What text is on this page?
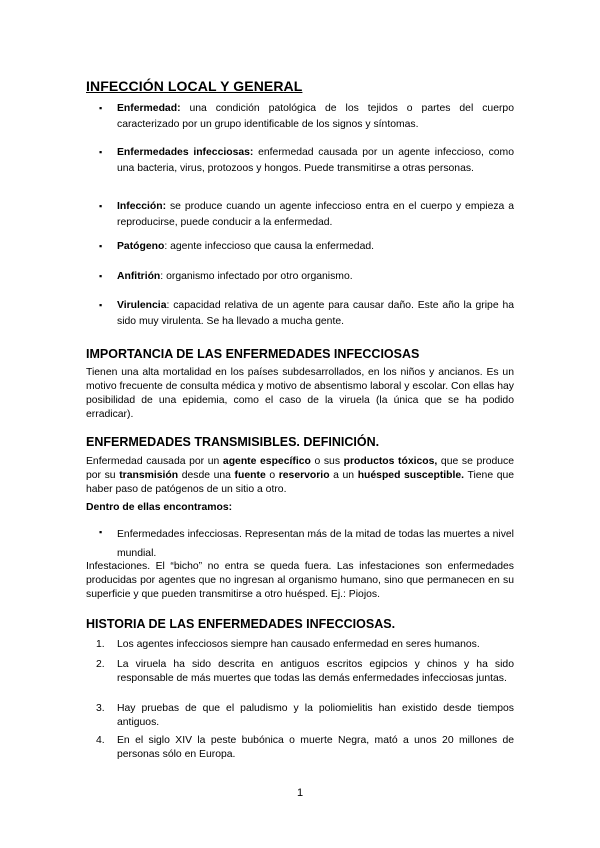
INFECCIÓN LOCAL Y GENERAL
▪ Enfermedad: una condición patológica de los tejidos o partes del cuerpo caracterizado por un grupo identificable de los signos y síntomas.

▪ Enfermedades infecciosas: enfermedad causada por un agente infeccioso, como una bacteria, virus, protozoos y hongos. Puede transmitirse a otras personas.

▪ Infección: se produce cuando un agente infeccioso entra en el cuerpo y empieza a reproducirse, puede conducir a la enfermedad.

▪ Patógeno: agente infeccioso que causa la enfermedad.

▪ Anfitrión: organismo infectado por otro organismo.

▪ Virulencia: capacidad relativa de un agente para causar daño. Este año la gripe ha sido muy virulenta. Se ha llevado a mucha gente.

IMPORTANCIA DE LAS ENFERMEDADES INFECCIOSAS

Tienen una alta mortalidad en los países subdesarrollados, en los niños y ancianos. Es un motivo frecuente de consulta médica y motivo de absentismo laboral y escolar. Con ellas hay posibilidad de una epidemia, como el caso de la viruela (la única que se ha podido erradicar).

ENFERMEDADES TRANSMISIBLES. DEFINICIÓN.

Enfermedad causada por un agente específico o sus productos tóxicos, que se produce por su transmisión desde una fuente o reservorio a un huésped susceptible. Tiene que haber paso de patógenos de un sitio a otro.

Dentro de ellas encontramos:

▪ Enfermedades infecciosas. Representan más de la mitad de todas las muertes a nivel mundial.

Infestaciones. El “bicho” no entra se queda fuera. Las infestaciones son enfermedades producidas por agentes que no ingresan al organismo humano, sino que permanecen en su superficie y que pueden transmitirse a otro huésped. Ej.: Piojos.

HISTORIA DE LAS ENFERMEDADES INFECCIOSAS.
1. Los agentes infecciosos siempre han causado enfermedad en seres humanos.

2. La viruela ha sido descrita en antiguos escritos egipcios y chinos y ha sido responsable de más muertes que todas las demás enfermedades infecciosas juntas.

3. Hay pruebas de que el paludismo y la poliomielitis han existido desde tiempos antiguos.

4. En el siglo XIV la peste bubónica o muerte Negra, mató a unos 20 millones de personas sólo en Europa.

1
